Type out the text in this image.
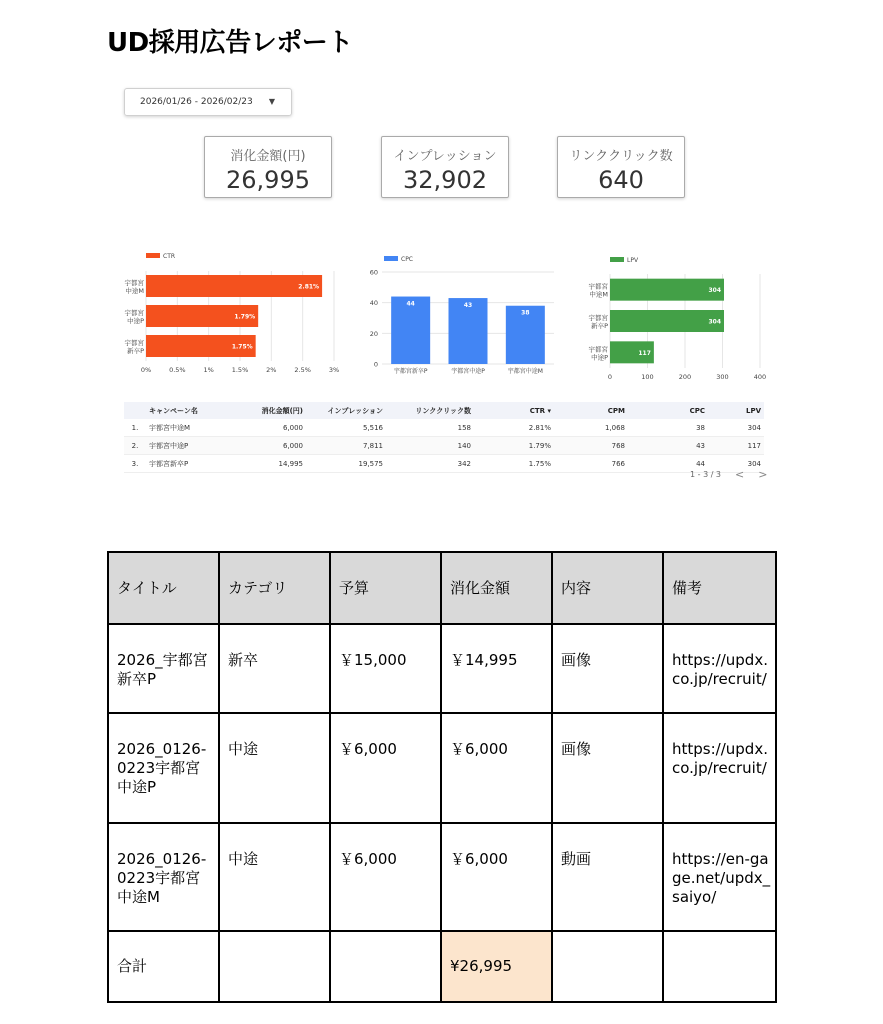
UD採用広告レポート
2026/01/26 - 2026/02/23 ▼
消化金額(円)
26,995
インプレッション
32,902
リンククリック数
640
CTR
0%	0.5%	1%	1.5%	2%	2.5%	3%
2.81%
宇都宮
中途M
1.79%
宇都宮
中途P
1.75%
宇都宮
新卒P
CPC
0
20
40
60
44
宇都宮新卒P
43
宇都宮中途P
38
宇都宮中途M
LPV
0	100	200	300	400
304
宇都宮
中途M
304
宇都宮
新卒P
117
宇都宮
中途P
キャンペーン名	消化金額(円)	インプレッション	リンククリック数	CTR ▾	CPM	CPC	LPV
1.	宇都宮中途M	6,000	5,516	158	2.81%	1,068	38	304
2.	宇都宮中途P	6,000	7,811	140	1.79%	768	43	117
3.	宇都宮新卒P	14,995	19,575	342	1.75%	766	44	304
1 - 3 / 3 < >
タイトル	カテゴリ	予算	消化金額	内容	備考
2026_宇都宮
新卒P	新卒	￥15,000	￥14,995	画像	https://updx.
co.jp/recruit/
2026_0126-
0223宇都宮
中途P	中途	￥6,000	￥6,000	画像	https://updx.
co.jp/recruit/
2026_0126-
0223宇都宮
中途M	中途	￥6,000	￥6,000	動画	https://en-ga
ge.net/updx_
saiyo/
合計			¥26,995		
